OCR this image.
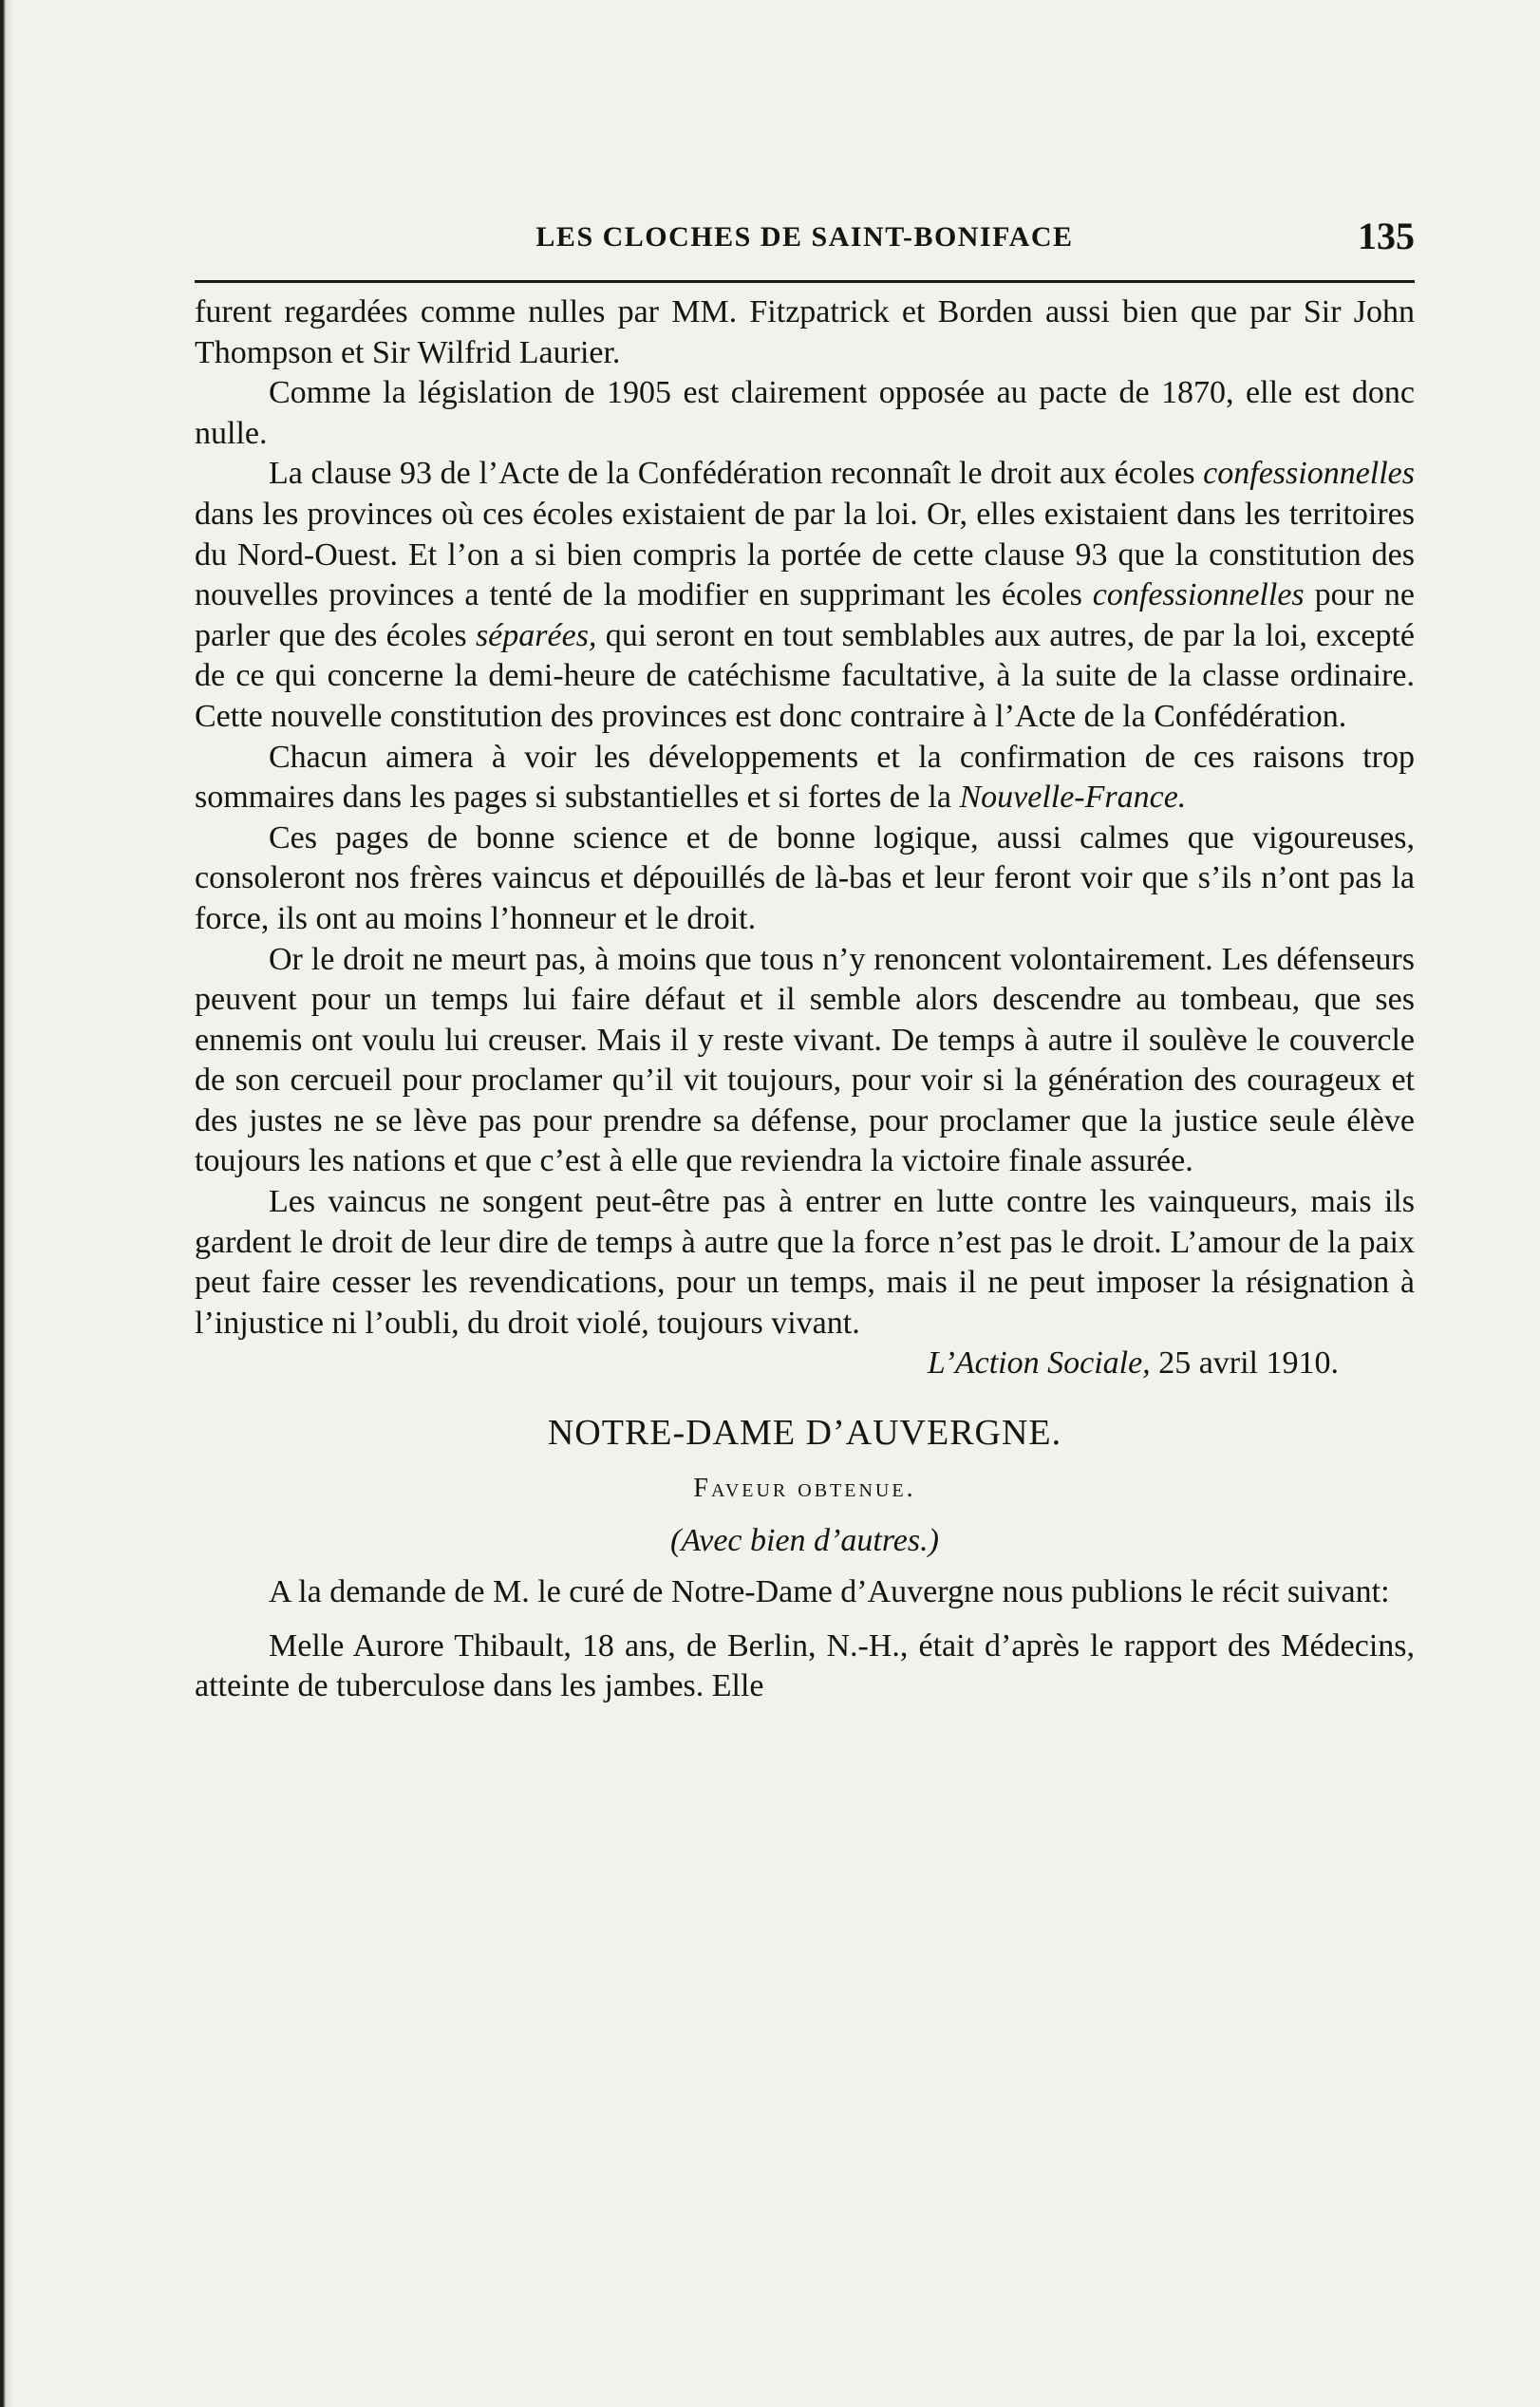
LES CLOCHES DE SAINT-BONIFACE	135

furent regardées comme nulles par MM. Fitzpatrick et Borden aussi bien que par Sir John Thompson et Sir Wilfrid Laurier.

Comme la législation de 1905 est clairement opposée au pacte de 1870, elle est donc nulle.

La clause 93 de l’Acte de la Confédération reconnaît le droit aux écoles confessionnelles dans les provinces où ces écoles existaient de par la loi. Or, elles existaient dans les territoires du Nord-Ouest. Et l’on a si bien compris la portée de cette clause 93 que la constitution des nouvelles provinces a tenté de la modifier en supprimant les écoles confessionnelles pour ne parler que des écoles séparées, qui seront en tout semblables aux autres, de par la loi, excepté de ce qui concerne la demi-heure de catéchisme facultative, à la suite de la classe ordinaire. Cette nouvelle constitution des provinces est donc contraire à l’Acte de la Confédération.

Chacun aimera à voir les développements et la confirmation de ces raisons trop sommaires dans les pages si substantielles et si fortes de la Nouvelle-France.

Ces pages de bonne science et de bonne logique, aussi calmes que vigoureuses, consoleront nos frères vaincus et dépouillés de là-bas et leur feront voir que s’ils n’ont pas la force, ils ont au moins l’honneur et le droit.

Or le droit ne meurt pas, à moins que tous n’y renoncent volontairement. Les défenseurs peuvent pour un temps lui faire défaut et il semble alors descendre au tombeau, que ses ennemis ont voulu lui creuser. Mais il y reste vivant. De temps à autre il soulève le couvercle de son cercueil pour proclamer qu’il vit toujours, pour voir si la génération des courageux et des justes ne se lève pas pour prendre sa défense, pour proclamer que la justice seule élève toujours les nations et que c’est à elle que reviendra la victoire finale assurée.

Les vaincus ne songent peut-être pas à entrer en lutte contre les vainqueurs, mais ils gardent le droit de leur dire de temps à autre que la force n’est pas le droit. L’amour de la paix peut faire cesser les revendications, pour un temps, mais il ne peut imposer la résignation à l’injustice ni l’oubli, du droit violé, toujours vivant.

L’Action Sociale, 25 avril 1910.
NOTRE-DAME D’AUVERGNE.
Faveur obtenue.
(Avec bien d’autres.)

A la demande de M. le curé de Notre-Dame d’Auvergne nous publions le récit suivant:

Melle Aurore Thibault, 18 ans, de Berlin, N.-H., était d’après le rapport des Médecins, atteinte de tuberculose dans les jambes. Elle
